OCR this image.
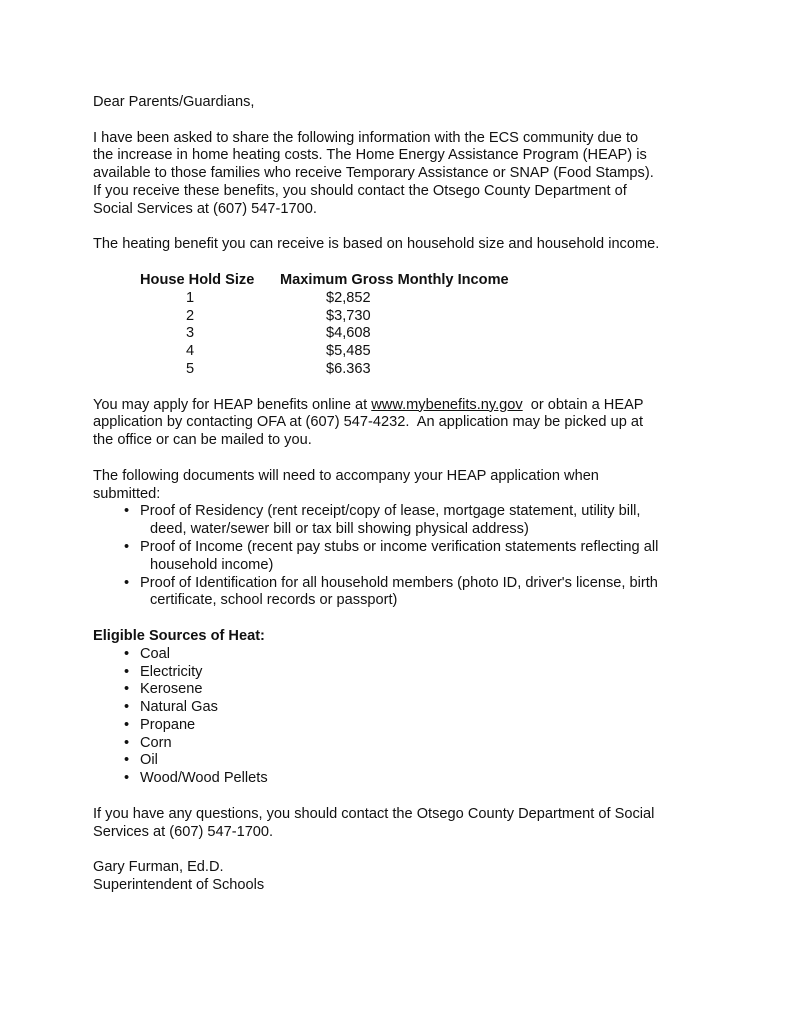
Dear Parents/Guardians,

I have been asked to share the following information with the ECS community due to

the increase in home heating costs. The Home Energy Assistance Program (HEAP) is

available to those families who receive Temporary Assistance or SNAP (Food Stamps).

If you receive these benefits, you should contact the Otsego County Department of

Social Services at (607) 547-1700.

The heating benefit you can receive is based on household size and household income.

House Hold Size	Maximum Gross Monthly Income
1	$2,852
2	$3,730
3	$4,608
4	$5,485
5	$6.363

You may apply for HEAP benefits online at www.mybenefits.ny.gov  or obtain a HEAP

application by contacting OFA at (607) 547-4232.  An application may be picked up at

the office or can be mailed to you.

The following documents will need to accompany your HEAP application when

submitted:

• Proof of Residency (rent receipt/copy of lease, mortgage statement, utility bill,
deed, water/sewer bill or tax bill showing physical address)
• Proof of Income (recent pay stubs or income verification statements reflecting all
household income)
• Proof of Identification for all household members (photo ID, driver's license, birth
certificate, school records or passport)

Eligible Sources of Heat:

• Coal
• Electricity
• Kerosene
• Natural Gas
• Propane
• Corn
• Oil
• Wood/Wood Pellets

If you have any questions, you should contact the Otsego County Department of Social

Services at (607) 547-1700.

Gary Furman, Ed.D.

Superintendent of Schools
